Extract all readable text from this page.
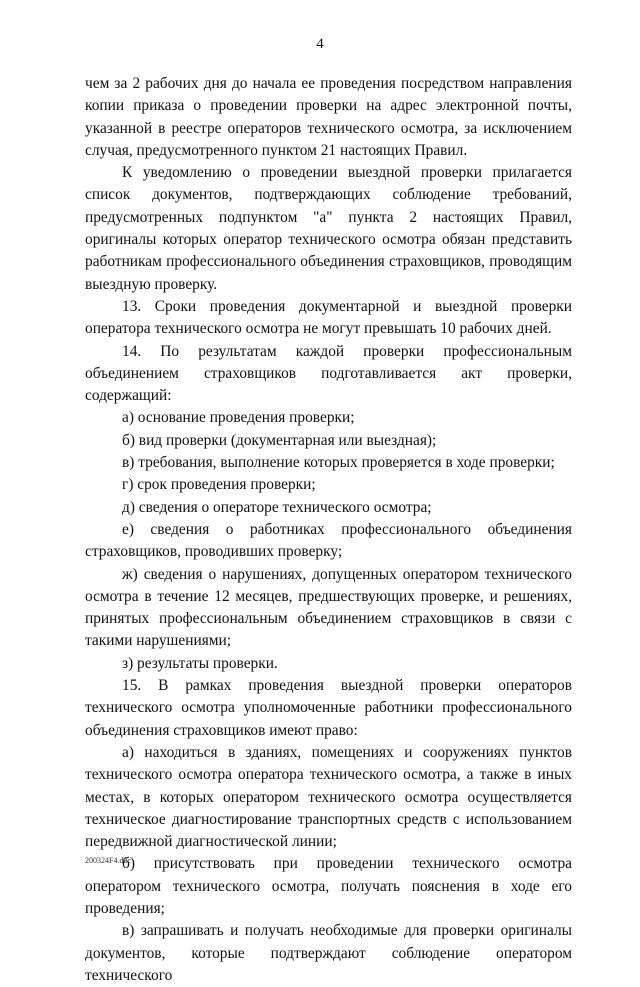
4

чем за 2 рабочих дня до начала ее проведения посредством направления копии приказа о проведении проверки на адрес электронной почты, указанной в реестре операторов технического осмотра, за исключением случая, предусмотренного пунктом 21 настоящих Правил.

К уведомлению о проведении выездной проверки прилагается список документов, подтверждающих соблюдение требований, предусмотренных подпунктом "а" пункта 2 настоящих Правил, оригиналы которых оператор технического осмотра обязан представить работникам профессионального объединения страховщиков, проводящим выездную проверку.

13. Сроки проведения документарной и выездной проверки оператора технического осмотра не могут превышать 10 рабочих дней.

14. По результатам каждой проверки профессиональным объединением страховщиков подготавливается акт проверки, содержащий:

а) основание проведения проверки;

б) вид проверки (документарная или выездная);

в) требования, выполнение которых проверяется в ходе проверки;

г) срок проведения проверки;

д) сведения о операторе технического осмотра;

е) сведения о работниках профессионального объединения страховщиков, проводивших проверку;

ж) сведения о нарушениях, допущенных оператором технического осмотра в течение 12 месяцев, предшествующих проверке, и решениях, принятых профессиональным объединением страховщиков в связи с такими нарушениями;

з) результаты проверки.

15. В рамках проведения выездной проверки операторов технического осмотра уполномоченные работники профессионального объединения страховщиков имеют право:

а) находиться в зданиях, помещениях и сооружениях пунктов технического осмотра оператора технического осмотра, а также в иных местах, в которых оператором технического осмотра осуществляется техническое диагностирование транспортных средств с использованием передвижной диагностической линии;

б) присутствовать при проведении технического осмотра оператором технического осмотра, получать пояснения в ходе его проведения;

в) запрашивать и получать необходимые для проверки оригиналы документов, которые подтверждают соблюдение оператором технического

200324F4.doc
